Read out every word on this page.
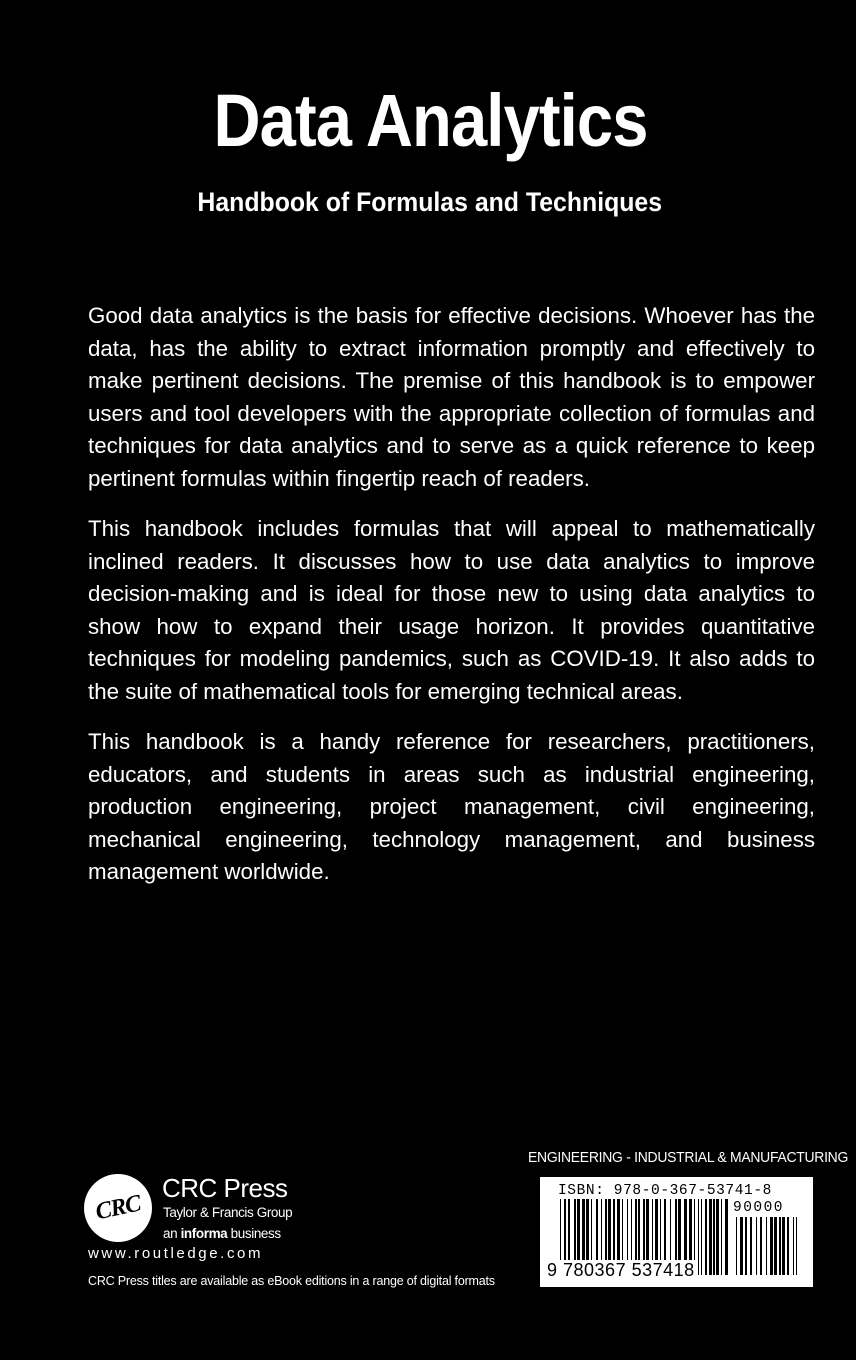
Data Analytics
Handbook of Formulas and Techniques

Good data analytics is the basis for effective decisions. Whoever has the data, has the ability to extract information promptly and effectively to make pertinent decisions. The premise of this handbook is to empower users and tool developers with the appropriate collection of formulas and techniques for data analytics and to serve as a quick reference to keep pertinent formulas within fingertip reach of readers.

This handbook includes formulas that will appeal to mathematically inclined readers. It discusses how to use data analytics to improve decision-making and is ideal for those new to using data analytics to show how to expand their usage horizon. It provides quantitative techniques for modeling pandemics, such as COVID-19. It also adds to the suite of mathematical tools for emerging technical areas.

This handbook is a handy reference for researchers, practitioners, educators, and students in areas such as industrial engineering, production engineering, project management, civil engineering, mechanical engineering, technology management, and business management worldwide.

ENGINEERING - INDUSTRIAL & MANUFACTURING
ISBN: 978-0-367-53741-8
90000
9 780367 537418
CRC
CRC Press
Taylor & Francis Group
an informa business
www.routledge.com
CRC Press titles are available as eBook editions in a range of digital formats
